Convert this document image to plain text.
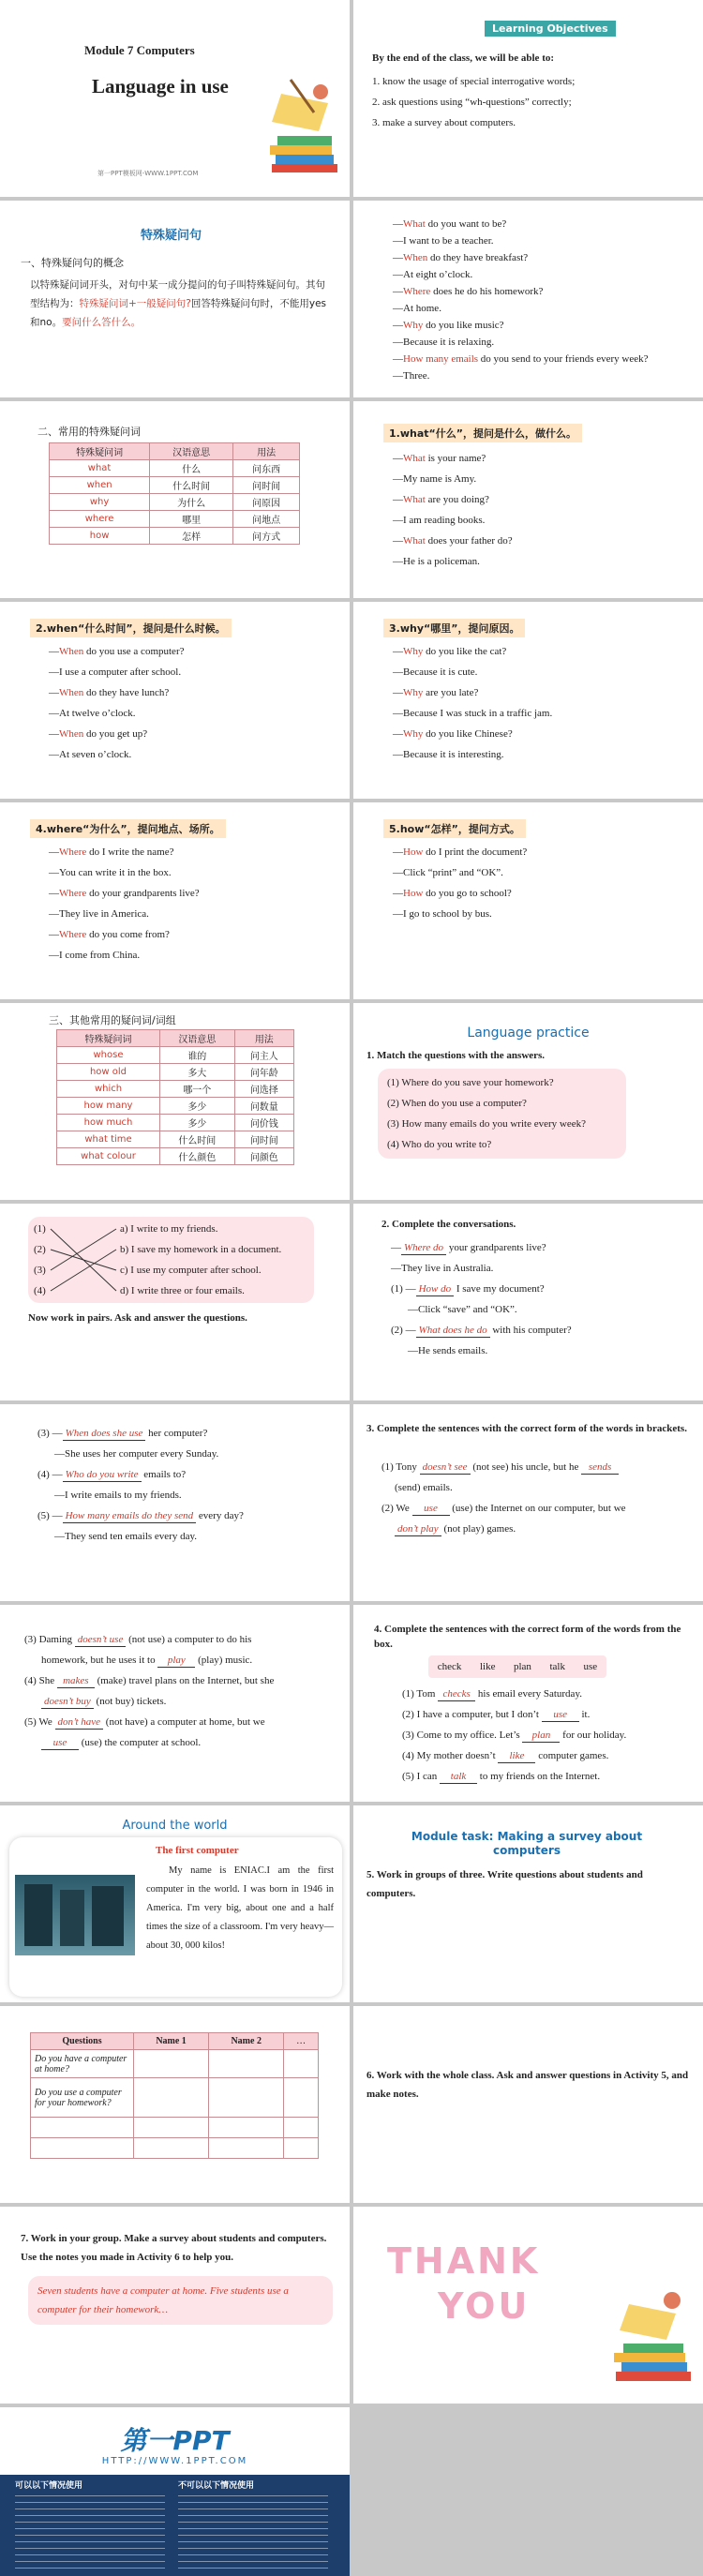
Module 7 Computers
Language in use
第一PPT模板网-WWW.1PPT.COM
Learning Objectives
By the end of the class, we will be able to:
1. know the usage of special interrogative words;
2. ask questions using “wh-questions” correctly;
3. make a survey about computers.
特殊疑问句
一、特殊疑问句的概念
以特殊疑问词开头，对句中某一成分提问的句子叫特殊疑问句。其句型结构为：特殊疑问词+一般疑问句?回答特殊疑问句时，不能用yes和no。要问什么答什么。
—What do you want to be?
—I want to be a teacher.
—When do they have breakfast?
—At eight o’clock.
—Where does he do his homework?
—At home.
—Why do you like music?
—Because it is relaxing.
—How many emails do you send to your friends every week?
—Three.
二、常用的特殊疑问词
特殊疑问词	汉语意思	用法
what	什么	问东西
when	什么时间	问时间
why	为什么	问原因
where	哪里	问地点
how	怎样	问方式
1.what“什么”，提问是什么，做什么。
—What is your name?
—My name is Amy.
—What are you doing?
—I am reading books.
—What does your father do?
—He is a policeman.
2.when“什么时间”，提问是什么时候。
—When do you use a computer?
—I use a computer after school.
—When do they have lunch?
—At twelve o’clock.
—When do you get up?
—At seven o’clock.
3.why“哪里”，提问原因。
—Why do you like the cat?
—Because it is cute.
—Why are you late?
—Because I was stuck in a traffic jam.
—Why do you like Chinese?
—Because it is interesting.
4.where“为什么”，提问地点、场所。
—Where do I write the name?
—You can write it in the box.
—Where do your grandparents live?
—They live in America.
—Where do you come from?
—I come from China.
5.how“怎样”，提问方式。
—How do I print the document?
—Click “print” and “OK”.
—How do you go to school?
—I go to school by bus.
三、其他常用的疑问词/词组
特殊疑问词	汉语意思	用法
whose	谁的	问主人
how old	多大	问年龄
which	哪一个	问选择
how many	多少	问数量
how much	多少	问价钱
what time	什么时间	问时间
what colour	什么颜色	问颜色
Language practice
1. Match the questions with the answers.
(1) Where do you save your homework?
(2) When do you use a computer?
(3) How many emails do you write every week?
(4) Who do you write to?
(1)
(2)
(3)
(4)
a) I write to my friends.
b) I save my homework in a document.
c) I use my computer after school.
d) I write three or four emails.
Now work in pairs. Ask and answer the questions.
2. Complete the conversations.
— Where do your grandparents live?
—They live in Australia.
(1) — How do I save my document?
—Click “save” and “OK”.
(2) — What does he do with his computer?
—He sends emails.
(3) — When does she use her computer?
—She uses her computer every Sunday.
(4) — Who do you write emails to?
—I write emails to my friends.
(5) — How many emails do they send every day?
—They send ten emails every day.
3. Complete the sentences with the correct form of the words in brackets.
(1) Tony doesn’t see (not see) his uncle, but he sends
(send) emails.
(2) We use (use) the Internet on our computer, but we
don’t play (not play) games.
(3) Daming doesn’t use (not use) a computer to do his
homework, but he uses it to play (play) music.
(4) She makes (make) travel plans on the Internet, but she
doesn’t buy (not buy) tickets.
(5) We don’t have (not have) a computer at home, but we
use (use) the computer at school.
4. Complete the sentences with the correct form of the words from the box.
check like plan talk use
(1) Tom checks his email every Saturday.
(2) I have a computer, but I don’t use it.
(3) Come to my office. Let’s plan for our holiday.
(4) My mother doesn’t like computer games.
(5) I can talk to my friends on the Internet.
Around the world
The first computer
My name is ENIAC.I am the first computer in the world. I was born in 1946 in America. I'm very big, about one and a half times the size of a classroom. I'm very heavy—about 30, 000 kilos!
Module task: Making a survey about computers
5. Work in groups of three. Write questions about students and computers.
Questions	Name 1	Name 2	…
Do you have a computer at home?			
Do you use a computer for your homework?			

6. Work with the whole class. Ask and answer questions in Activity 5, and make notes.
7. Work in your group. Make a survey about students and computers. Use the notes you made in Activity 6 to help you.
Seven students have a computer at home. Five students use a computer for their homework…
THANK
YOU
第一PPT
HTTP://WWW.1PPT.COM
可以以下情况使用	不可以以下情况使用
